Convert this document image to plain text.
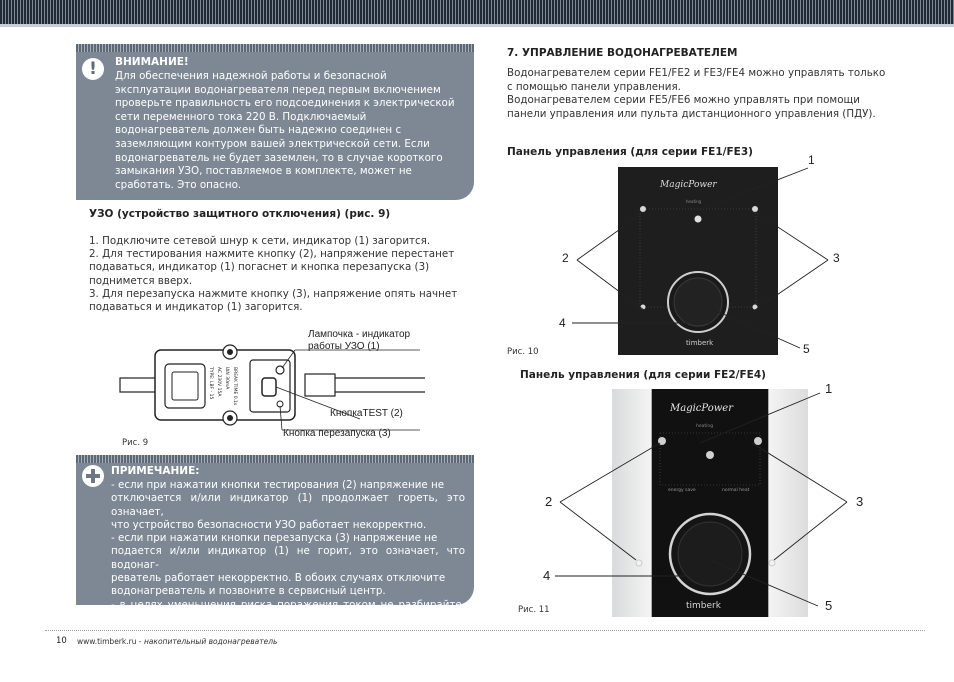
!	ВНИМАНИЕ!
Для обеспечения надежной работы и безопасной
эксплуатации водонагревателя перед первым включением
проверьте правильность его подсоединения к электрической
сети переменного тока 220 В. Подключаемый
водонагреватель должен быть надежно соединен с
заземляющим контуром вашей электрической сети. Если
водонагреватель не будет заземлен, то в случае короткого
замыкания УЗО, поставляемое в комплекте, может не
сработать. Это опасно.
УЗО (устройство защитного отключения) (рис. 9)
1. Подключите сетевой шнур к сети, индикатор (1) загорится.
2. Для тестирования нажмите кнопку (2), напряжение перестанет
подаваться, индикатор (1) погаснет и кнопка перезапуска (3)
поднимется вверх.
3. Для перезапуска нажмите кнопку (3), напряжение опять начнет
подаваться и индикатор (1) загорится.
TYPE: LBF - 15 AC 230V 15A IΔN 30mA BREAK TIME 0.1s
Лампочка - индикатор
работы УЗО (1)
КнопкаTEST (2)
Кнопка перезапуска (3)
Рис. 9
ПРИМЕЧАНИЕ:
- если при нажатии кнопки тестирования (2) напряжение не
отключается и/или индикатор (1) продолжает гореть, это означает,
что устройство безопасности УЗО работает некорректно.
- если при нажатии кнопки перезапуска (3) напряжение не
подается и/или индикатор (1) не горит, это означает, что водонаг-
реватель работает некорректно. В обоих случаях отключите
водонагреватель и позвоните в сервисный центр.
- в целях уменьшения риска поражения током не разбирайте, не
удаляйте и не заливайте жидкостью данное устройство.
7. УПРАВЛЕНИЕ ВОДОНАГРЕВАТЕЛЕМ
Водонагревателем серии FE1/FE2 и FE3/FE4 можно управлять только
с помощью панели управления.
Водонагревателем серии FE5/FE6 можно управлять при помощи
панели управления или пульта дистанционного управления (ПДУ).
Панель управления (для серии FE1/FE3)
MagicPower
heating
timberk
1
2	3
4
5
Рис. 10
Панель управления (для серии FE2/FE4)
MagicPower
heating
energy save	normal heat
timberk
1
2	3
4
5
Рис. 11
10 www.timberk.ru - накопительный водонагреватель
